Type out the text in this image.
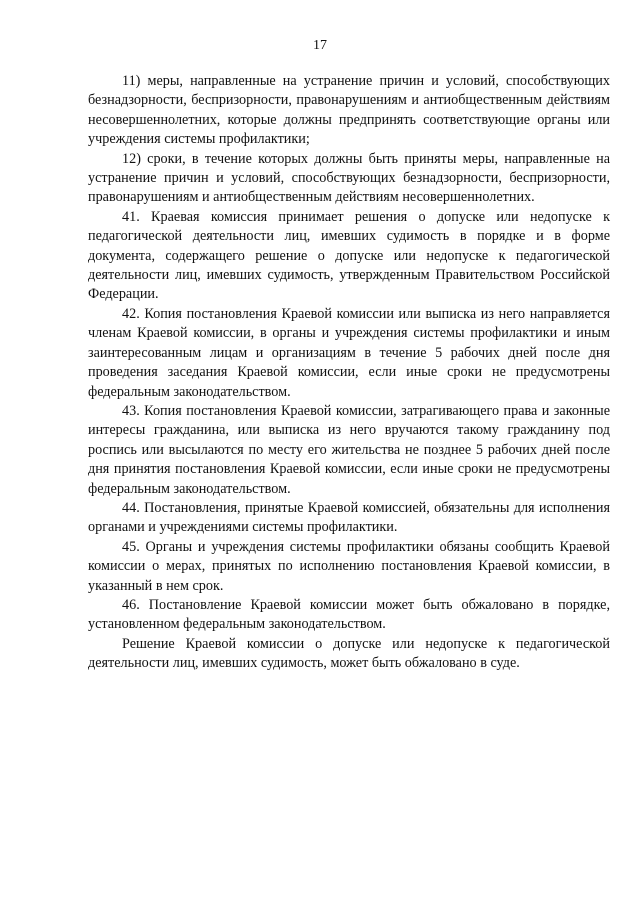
17

11) меры, направленные на устранение причин и условий, способствующих безнадзорности, беспризорности, правонарушениям и антиобщественным действиям несовершеннолетних, которые должны предпринять соответствующие органы или учреждения системы профилактики;

12) сроки, в течение которых должны быть приняты меры, направленные на устранение причин и условий, способствующих безнадзорности, беспризорности, правонарушениям и антиобщественным действиям несовершеннолетних.

41. Краевая комиссия принимает решения о допуске или недопуске к педагогической деятельности лиц, имевших судимость в порядке и в форме документа, содержащего решение о допуске или недопуске к педагогической деятельности лиц, имевших судимость, утвержденным Правительством Российской Федерации.

42. Копия постановления Краевой комиссии или выписка из него направляется членам Краевой комиссии, в органы и учреждения системы профилактики и иным заинтересованным лицам и организациям в течение 5 рабочих дней после дня проведения заседания Краевой комиссии, если иные сроки не предусмотрены федеральным законодательством.

43. Копия постановления Краевой комиссии, затрагивающего права и законные интересы гражданина, или выписка из него вручаются такому гражданину под роспись или высылаются по месту его жительства не позднее 5 рабочих дней после дня принятия постановления Краевой комиссии, если иные сроки не предусмотрены федеральным законодательством.

44. Постановления, принятые Краевой комиссией, обязательны для исполнения органами и учреждениями системы профилактики.

45. Органы и учреждения системы профилактики обязаны сообщить Краевой комиссии о мерах, принятых по исполнению постановления Краевой комиссии, в указанный в нем срок.

46. Постановление Краевой комиссии может быть обжаловано в порядке, установленном федеральным законодательством.

Решение Краевой комиссии о допуске или недопуске к педагогической деятельности лиц, имевших судимость, может быть обжаловано в суде.
